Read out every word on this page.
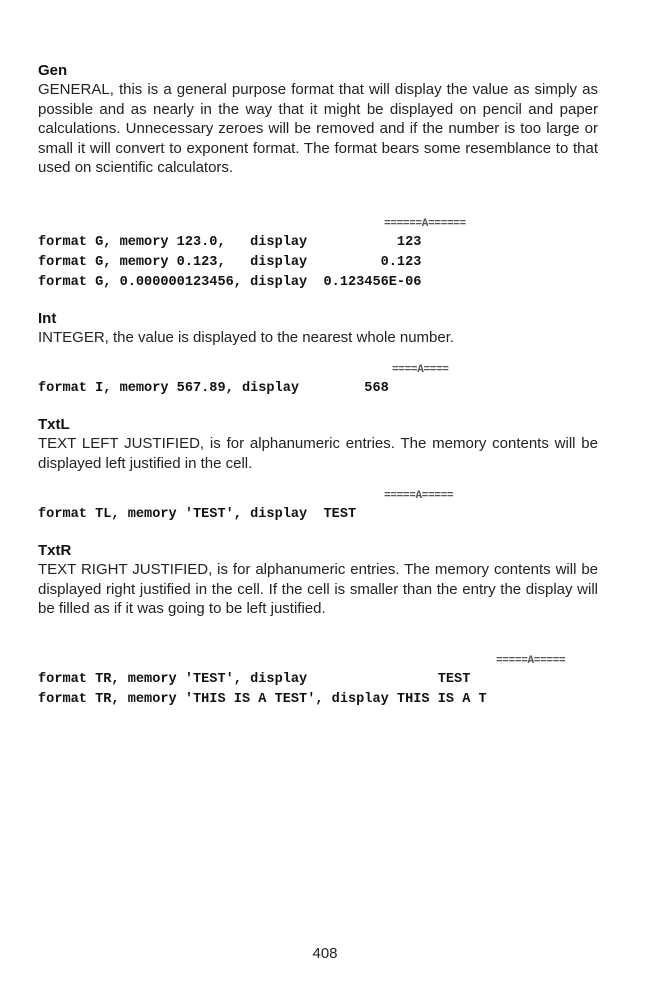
Gen

GENERAL, this is a general purpose format that will display the value as simply as possible and as nearly in the way that it might be displayed on pencil and paper calculations. Unnecessary zeroes will be removed and if the number is too large or small it will convert to exponent format. The format bears some resemblance to that used on scientific calculators.

======A======
format G, memory 123.0,   display           123
format G, memory 0.123,   display         0.123
format G, 0.000000123456, display  0.123456E-06

Int

INTEGER, the value is displayed to the nearest whole number.

====A====
format I, memory 567.89, display        568

TxtL

TEXT LEFT JUSTIFIED, is for alphanumeric entries. The memory contents will be displayed left justified in the cell.

=====A=====
format TL, memory 'TEST', display  TEST

TxtR

TEXT RIGHT JUSTIFIED, is for alphanumeric entries. The memory contents will be displayed right justified in the cell. If the cell is smaller than the entry the display will be filled as if it was going to be left justified.

=====A=====
format TR, memory 'TEST', display                TEST
format TR, memory 'THIS IS A TEST', display THIS IS A T
408
